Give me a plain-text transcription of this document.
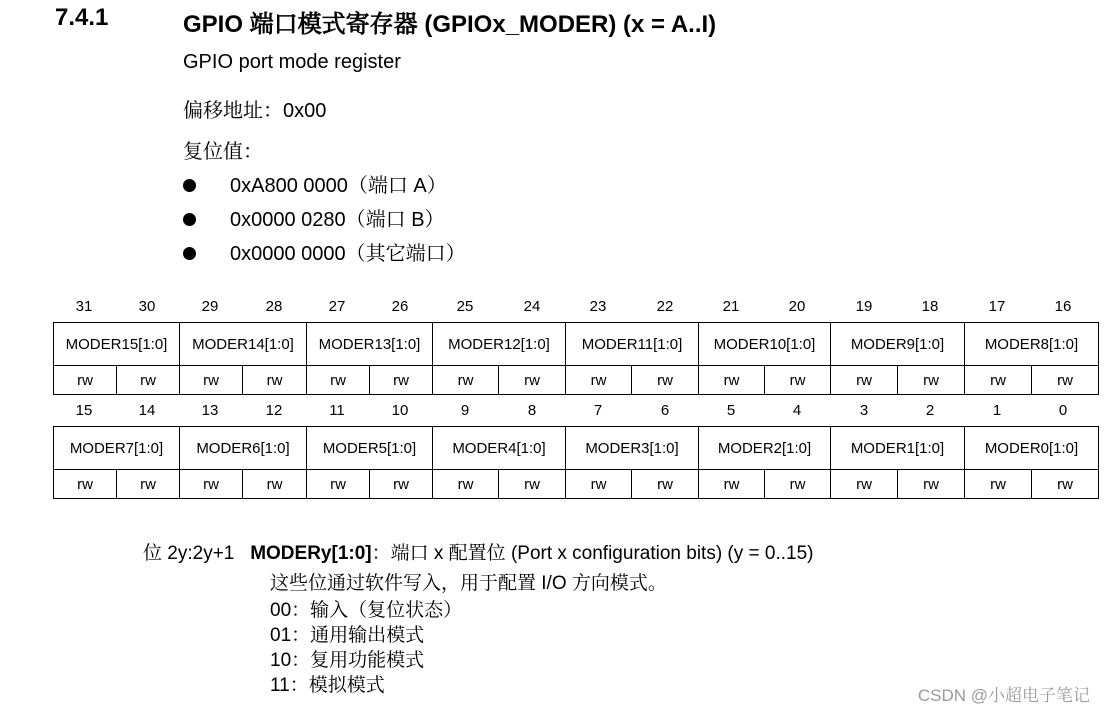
7.4.1	GPIO 端口模式寄存器 (GPIOx_MODER) (x = A..I)
GPIO port mode register
偏移地址：0x00
复位值：
0xA800 0000（端口 A）
0x0000 0280（端口 B）
0x0000 0000（其它端口）
31	30	29	28	27	26	25	24	23	22	21	20	19	18	17	16
MODER15[1:0]		MODER14[1:0]		MODER13[1:0]		MODER12[1:0]		MODER11[1:0]		MODER10[1:0]		MODER9[1:0]		MODER8[1:0]	
rw	rw	rw	rw	rw	rw	rw	rw	rw	rw	rw	rw	rw	rw	rw	rw
15	14	13	12	11	10	9	8	7	6	5	4	3	2	1	0
MODER7[1:0]		MODER6[1:0]		MODER5[1:0]		MODER4[1:0]		MODER3[1:0]		MODER2[1:0]		MODER1[1:0]		MODER0[1:0]	
rw	rw	rw	rw	rw	rw	rw	rw	rw	rw	rw	rw	rw	rw	rw	rw
位 2y:2y+1 MODERy[1:0]：端口 x 配置位 (Port x configuration bits) (y = 0..15)
这些位通过软件写入，用于配置 I/O 方向模式。
00：输入（复位状态）
01：通用输出模式
10：复用功能模式
11：模拟模式	CSDN @小超电子笔记
